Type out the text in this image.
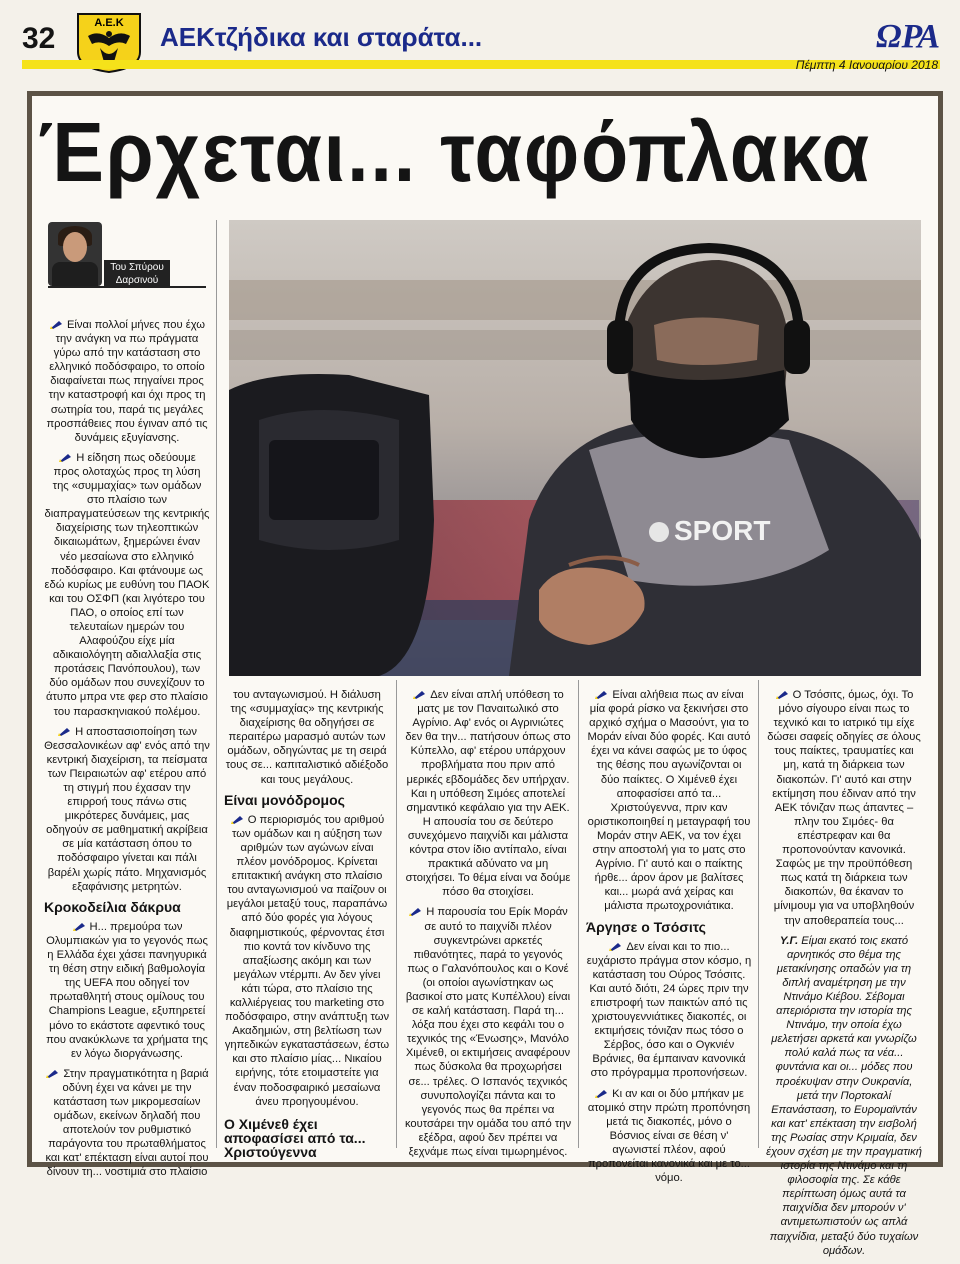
32	Α.Ε.Κ ΑΕΚτζήδικα και σταράτα...	ΩΡΑ
Πέμπτη 4 Ιανουαρίου 2018
Έρχεται... ταφόπλακα
Του Σπύρου
Δαρσινού
SPORT

Είναι πολλοί μήνες που έχω την ανάγκη να πω πράγματα γύρω από την κατάσταση στο ελληνικό ποδόσφαιρο, το οποίο διαφαίνεται πως πηγαίνει προς την καταστροφή και όχι προς τη σωτηρία του, παρά τις μεγάλες προσπάθειες που έγιναν από τις δυνάμεις εξυγίανσης.

Η είδηση πως οδεύουμε προς ολοταχώς προς τη λύση της «συμμαχίας» των ομάδων στο πλαίσιο των διαπραγματεύσεων της κεντρικής διαχείρισης των τηλεοπτικών δικαιωμάτων, ξημερώνει έναν νέο μεσαίωνα στο ελληνικό ποδόσφαιρο. Και φτάνουμε ως εδώ κυρίως με ευθύνη του ΠΑΟΚ και του ΟΣΦΠ (και λιγότερο του ΠΑΟ, ο οποίος επί των τελευταίων ημερών του Αλαφούζου είχε μία αδικαιολόγητη αδιαλλαξία στις προτάσεις Πανόπουλου), των δύο ομάδων που συνεχίζουν το άτυπο μπρα ντε φερ στο πλαίσιο του παρασκηνιακού πολέμου.

Η αποστασιοποίηση των Θεσσαλονικέων αφ' ενός από την κεντρική διαχείριση, τα πείσματα των Πειραιωτών αφ' ετέρου από τη στιγμή που έχασαν την επιρροή τους πάνω στις μικρότερες δυνάμεις, μας οδηγούν σε μαθηματική ακρίβεια σε μία κατάσταση όπου το ποδόσφαιρο γίνεται και πάλι βαρέλι χωρίς πάτο. Μηχανισμός εξαφάνισης μετρητών.

Κροκοδείλια δάκρυα

Η... πρεμούρα των Ολυμπιακών για το γεγονός πως η Ελλάδα έχει χάσει πανηγυρικά τη θέση στην ειδική βαθμολογία της UEFA που οδηγεί τον πρωταθλητή στους ομίλους του Champions League, εξυπηρετεί μόνο το εκάστοτε αφεντικό τους που ανακύκλωνε τα χρήματα της εν λόγω διοργάνωσης.

Στην πραγματικότητα η βαριά οδύνη έχει να κάνει με την κατάσταση των μικρομεσαίων ομάδων, εκείνων δηλαδή που αποτελούν τον ρυθμιστικό παράγοντα του πρωταθλήματος και κατ' επέκταση είναι αυτοί που δίνουν τη... νοστιμιά στο πλαίσιο

του ανταγωνισμού. Η διάλυση της «συμμαχίας» της κεντρικής διαχείρισης θα οδηγήσει σε περαιτέρω μαρασμό αυτών των ομάδων, οδηγώντας με τη σειρά τους σε... καπιταλιστικό αδιέξοδο και τους μεγάλους.

Είναι μονόδρομος

Ο περιορισμός του αριθμού των ομάδων και η αύξηση των αριθμών των αγώνων είναι πλέον μονόδρομος. Κρίνεται επιτακτική ανάγκη στο πλαίσιο του ανταγωνισμού να παίζουν οι μεγάλοι μεταξύ τους, παραπάνω από δύο φορές για λόγους διαφημιστικούς, φέρνοντας έτσι πιο κοντά τον κίνδυνο της απαξίωσης ακόμη και των μεγάλων ντέρμπι. Αν δεν γίνει κάτι τώρα, στο πλαίσιο της καλλιέργειας του marketing στο ποδόσφαιρο, στην ανάπτυξη των Ακαδημιών, στη βελτίωση των γηπεδικών εγκαταστάσεων, έστω και στο πλαίσιο μίας... Νικαίου ειρήνης, τότε ετοιμαστείτε για έναν ποδοσφαιρικό μεσαίωνα άνευ προηγουμένου.

Ο Χιμένεθ έχει αποφασίσει από τα... Χριστούγεννα

Δεν είναι απλή υπόθεση το ματς με τον Παναιτωλικό στο Αγρίνιο. Αφ' ενός οι Αγρινιώτες δεν θα την... πατήσουν όπως στο Κύπελλο, αφ' ετέρου υπάρχουν προβλήματα που πριν από μερικές εβδομάδες δεν υπήρχαν. Και η υπόθεση Σιμόες αποτελεί σημαντικό κεφάλαιο για την ΑΕΚ. Η απουσία του σε δεύτερο συνεχόμενο παιχνίδι και μάλιστα κόντρα στον ίδιο αντίπαλο, είναι πρακτικά αδύνατο να μη στοιχήσει. Το θέμα είναι να δούμε πόσο θα στοιχίσει.

Η παρουσία του Ερίκ Μοράν σε αυτό το παιχνίδι πλέον συγκεντρώνει αρκετές πιθανότητες, παρά το γεγονός πως ο Γαλανόπουλος και ο Κονέ (οι οποίοι αγωνίστηκαν ως βασικοί στο ματς Κυπέλλου) είναι σε καλή κατάσταση. Παρά τη... λόξα που έχει στο κεφάλι του ο τεχνικός της «Ένωσης», Μανόλο Χιμένεθ, οι εκτιμήσεις αναφέρουν πως δύσκολα θα προχωρήσει σε... τρέλες. Ο Ισπανός τεχνικός συνυπολογίζει πάντα και το γεγονός πως θα πρέπει να κουτσάρει την ομάδα του από την εξέδρα, αφού δεν πρέπει να ξεχνάμε πως είναι τιμωρημένος.

Είναι αλήθεια πως αν είναι μία φορά ρίσκο να ξεκινήσει στο αρχικό σχήμα ο Μασούντ, για το Μοράν είναι δύο φορές. Και αυτό έχει να κάνει σαφώς με το ύφος της θέσης που αγωνίζονται οι δύο παίκτες. Ο Χιμένεθ έχει αποφασίσει από τα... Χριστούγεννα, πριν καν οριστικοποιηθεί η μεταγραφή του Μοράν στην ΑΕΚ, να τον έχει στην αποστολή για το ματς στο Αγρίνιο. Γι' αυτό και ο παίκτης ήρθε... άρον άρον με βαλίτσες και... μωρά ανά χείρας και μάλιστα πρωτοχρονιάτικα.

Άργησε ο Τσόσιτς

Δεν είναι και το πιο... ευχάριστο πράγμα στον κόσμο, η κατάσταση του Ούρος Τσόσιτς. Και αυτό διότι, 24 ώρες πριν την επιστροφή των παικτών από τις χριστουγεννιάτικες διακοπές, οι εκτιμήσεις τόνιζαν πως τόσο ο Σέρβος, όσο και ο Ογκνιέν Βράνιες, θα έμπαιναν κανονικά στο πρόγραμμα προπονήσεων.

Κι αν και οι δύο μπήκαν με ατομικό στην πρώτη προπόνηση μετά τις διακοπές, μόνο ο Βόσνιος είναι σε θέση ν' αγωνιστεί πλέον, αφού προπονείται κανονικά και με το... νόμο.

Ο Τσόσιτς, όμως, όχι. Το μόνο σίγουρο είναι πως το τεχνικό και το ιατρικό τιμ είχε δώσει σαφείς οδηγίες σε όλους τους παίκτες, τραυματίες και μη, κατά τη διάρκεια των διακοπών. Γι' αυτό και στην εκτίμηση που έδιναν από την ΑΕΚ τόνιζαν πως άπαντες – πλην του Σιμόες- θα επέστρεφαν και θα προπονούνταν κανονικά. Σαφώς με την προϋπόθεση πως κατά τη διάρκεια των διακοπών, θα έκαναν το μίνιμουμ για να υποβληθούν την αποθεραπεία τους...

Υ.Γ. Είμαι εκατό τοις εκατό αρνητικός στο θέμα της μετακίνησης οπαδών για τη διπλή αναμέτρηση με την Ντινάμο Κιέβου. Σέβομαι απεριόριστα την ιστορία της Ντινάμο, την οποία έχω μελετήσει αρκετά και γνωρίζω πολύ καλά πως τα νέα... φυντάνια και οι... μόδες που προέκυψαν στην Ουκρανία, μετά την Πορτοκαλί Επανάσταση, το Ευρομαϊντάν και κατ' επέκταση την εισβολή της Ρωσίας στην Κριμαία, δεν έχουν σχέση με την πραγματική ιστορία της Ντινάμο και τη φιλοσοφία της. Σε κάθε περίπτωση όμως αυτά τα παιχνίδια δεν μπορούν ν' αντιμετωπιστούν ως απλά παιχνίδια, μεταξύ δύο τυχαίων ομάδων.
